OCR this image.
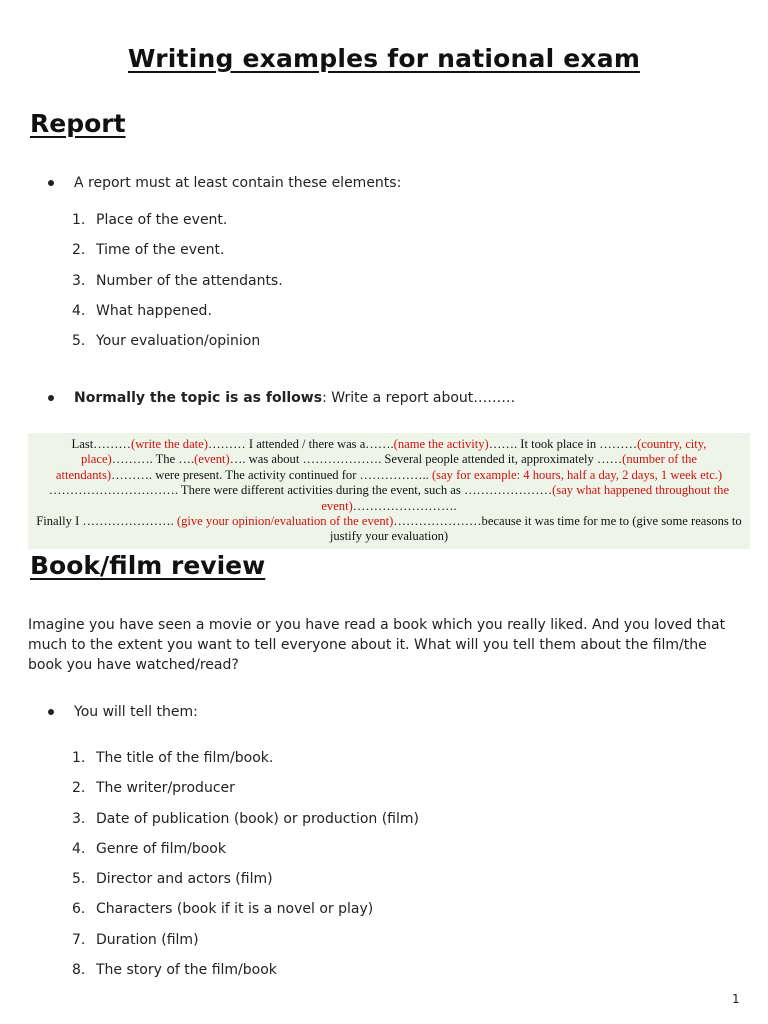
Writing examples for national exam
Report
A report must at least contain these elements:
1. Place of the event.
2. Time of the event.
3. Number of the attendants.
4. What happened.
5. Your evaluation/opinion
Normally the topic is as follows: Write a report about………

Last………(write the date)……… I attended / there was a…….(name the activity)……. It took place in ………(country, city, place)………. The ….(event)…. was about ………………. Several people attended it, approximately ……(number of the attendants)………. were present. The activity continued for …………….. (say for example: 4 hours, half a day, 2 days, 1 week etc.) …………………………. There were different activities during the event, such as …………………(say what happened throughout the event)…………………….

Finally I …………………. (give your opinion/evaluation of the event)…………………because it was time for me to (give some reasons to justify your evaluation)

Book/film review

Imagine you have seen a movie or you have read a book which you really liked. And you loved that much to the extent you want to tell everyone about it. What will you tell them about the film/the book you have watched/read?

You will tell them:
1. The title of the film/book.
2. The writer/producer
3. Date of publication (book) or production (film)
4. Genre of film/book
5. Director and actors (film)
6. Characters (book if it is a novel or play)
7. Duration (film)
8. The story of the film/book
1
